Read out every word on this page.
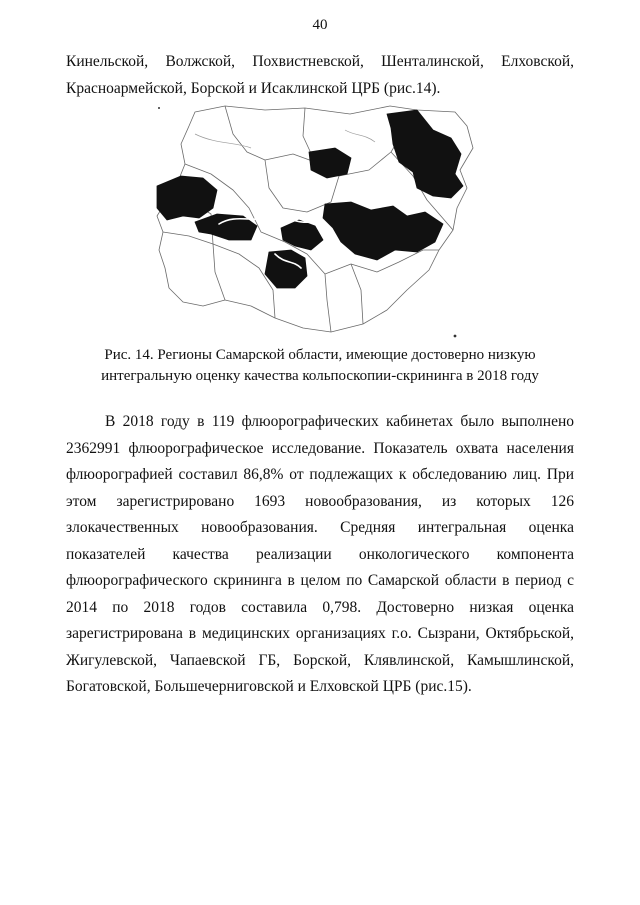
40

Кинельской, Волжской, Похвистневской, Шенталинской, Елховской,
Красноармейской, Борской и Исаклинской ЦРБ (рис.14).

Рис. 14. Регионы Самарской области, имеющие достоверно низкую
интегральную оценку качества кольпоскопии-скрининга в 2018 году

В 2018 году в 119 флюорографических кабинетах было выполнено 2362991 флюорографическое исследование. Показатель охвата населения флюорографией составил 86,8% от подлежащих к обследованию лиц. При этом зарегистрировано 1693 новообразования, из которых 126 злокачественных новообразования. Средняя интегральная оценка показателей качества реализации онкологического компонента флюорографического скрининга в целом по Самарской области в период с 2014 по 2018 годов составила 0,798. Достоверно низкая оценка зарегистрирована в медицинских организациях г.о. Сызрани, Октябрьской, Жигулевской, Чапаевской ГБ, Борской, Клявлинской, Камышлинской, Богатовской, Большечерниговской и Елховской ЦРБ (рис.15).
